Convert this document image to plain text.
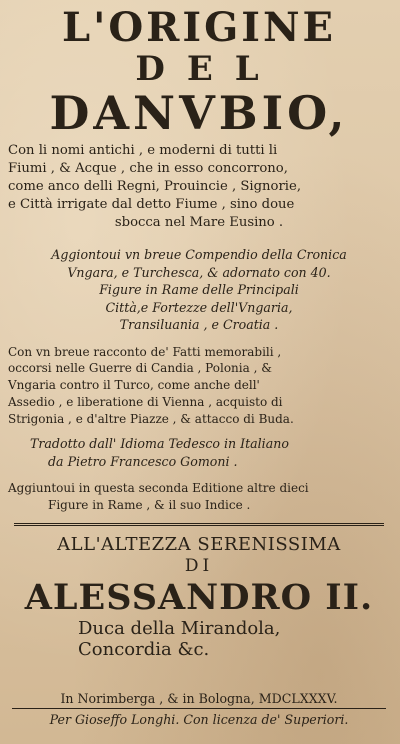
L'ORIGINE

DEL

DANVBIO,

Con li nomi antichi , e moderni di tutti li
Fiumi , & Acque , che in esso concorrono,
come anco delli Regni, Prouincie , Signorie,
e Città irrigate dal detto Fiume , sino doue
sbocca nel Mare Eusino .

Aggiontoui vn breue Compendio della Cronica
Vngara, e Turchesca, & adornato con 40.
Figure in Rame delle Principali
Città,e Fortezze dell'Vngaria,
Transiluania , e Croatia .

Con vn breue racconto de' Fatti memorabili ,
occorsi nelle Guerre di Candia , Polonia , &
Vngaria contro il Turco, come anche dell'
Assedio , e liberatione di Vienna , acquisto di
Strigonia , e d'altre Piazze , & attacco di Buda.

Tradotto dall' Idioma Tedesco in Italiano
da Pietro Francesco Gomoni .

Aggiuntoui in questa seconda Editione altre dieci
Figure in Rame , & il suo Indice .

ALL'ALTEZZA SERENISSIMA

DI

ALESSANDRO II.

Duca della Mirandola,

Concordia &c.

In Norimberga , & in Bologna, MDCLXXXV.
Per Gioseffo Longhi. Con licenza de' Superiori.
